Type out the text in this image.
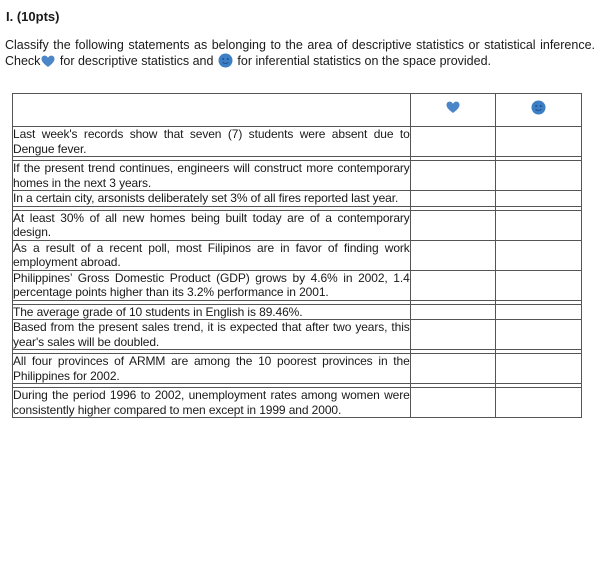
I. (10pts)
Classify the following statements as belonging to the area of descriptive statistics or statistical inference. Check for descriptive statistics and  for inferential statistics on the space provided.

Last week's records show that seven (7) students were absent due to Dengue fever.		

If the present trend continues, engineers will construct more contemporary homes in the next 3 years.		
In a certain city, arsonists deliberately set 3% of all fires reported last year.		

At least 30% of all new homes being built today are of a contemporary design.		
As a result of a recent poll, most Filipinos are in favor of finding work employment abroad.		
Philippines’ Gross Domestic Product (GDP) grows by 4.6% in 2002, 1.4 percentage points higher than its 3.2% performance in 2001.		

The average grade of 10 students in English is 89.46%.		
Based from the present sales trend, it is expected that after two years, this year's sales will be doubled.		

All four provinces of ARMM are among the 10 poorest provinces in the Philippines for 2002.		

During the period 1996 to 2002, unemployment rates among women were consistently higher compared to men except in 1999 and 2000.		
